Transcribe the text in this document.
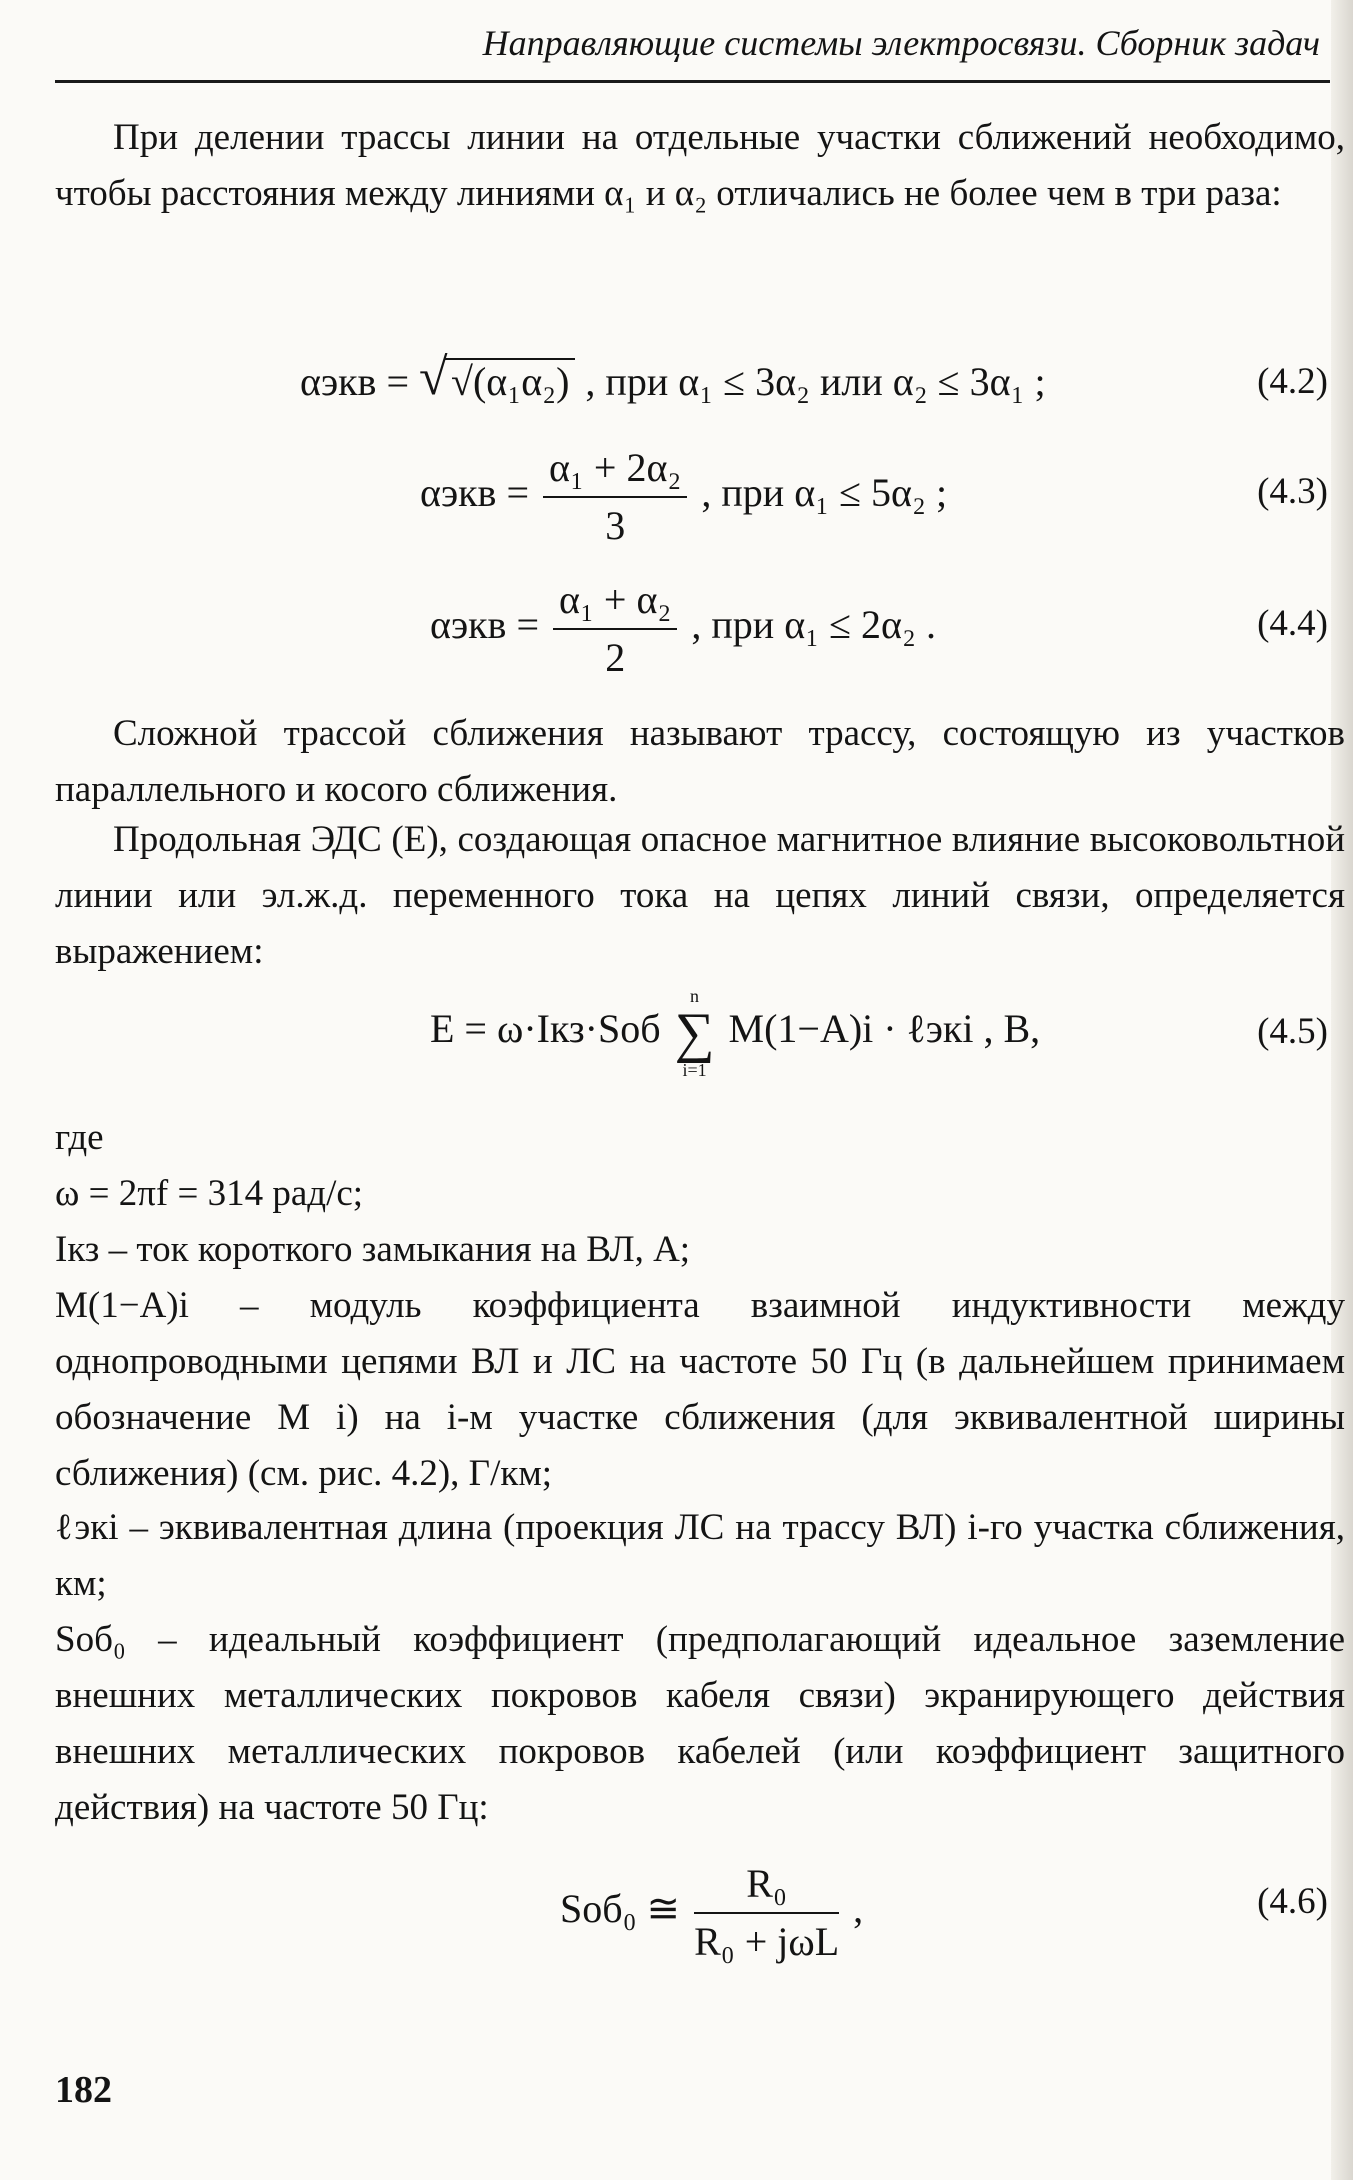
Направляющие системы электросвязи. Сборник задач
При делении трассы линии на отдельные участки сближений необходимо, чтобы расстояния между линиями α₁ и α₂ отличались не более чем в три раза:
αэкв = √ √(α₁α₂) , при α₁ ≤ 3α₂ или α₂ ≤ 3α₁ ;	(4.2)
$\alpha экв = \frac{\text{α₁ + 2α₂}}{3}$ , при α₁ ≤ 5α₂ ;	(4.3)
$\alpha экв = \frac{\text{α₁ + α₂}}{2}$ , при α₁ ≤ 2α₂ .	(4.4)
Сложной трассой сближения называют трассу, состоящую из участков параллельного и косого сближения.
Продольная ЭДС (E), создающая опасное магнитное влияние высоковольтной линии или эл.ж.д. переменного тока на цепях линий связи, определяется выражением:
E = ω·Iкз·Sоб
n
∑
i=1
M(1−A)i · ℓэкi , B,	(4.5)
где
ω = 2πf = 314 рад/с;
Iкз – ток короткого замыкания на ВЛ, А;
M(1−A)i – модуль коэффициента взаимной индуктивности между однопроводными цепями ВЛ и ЛС на частоте 50 Гц (в дальнейшем принимаем обозначение M i) на i-м участке сближения (для эквивалентной ширины сближения) (см. рис. 4.2), Г/км;
ℓэкi – эквивалентная длина (проекция ЛС на трассу ВЛ) i-го участка сближения, км;
Sоб₀ – идеальный коэффициент (предполагающий идеальное заземление внешних металлических покровов кабеля связи) экранирующего действия внешних металлических покровов кабелей (или коэффициент защитного действия) на частоте 50 Гц:
Sоб₀ ≅ $\frac{\text{R₀}}{\text{R₀ + jωL}}$ ,	(4.6)
182
